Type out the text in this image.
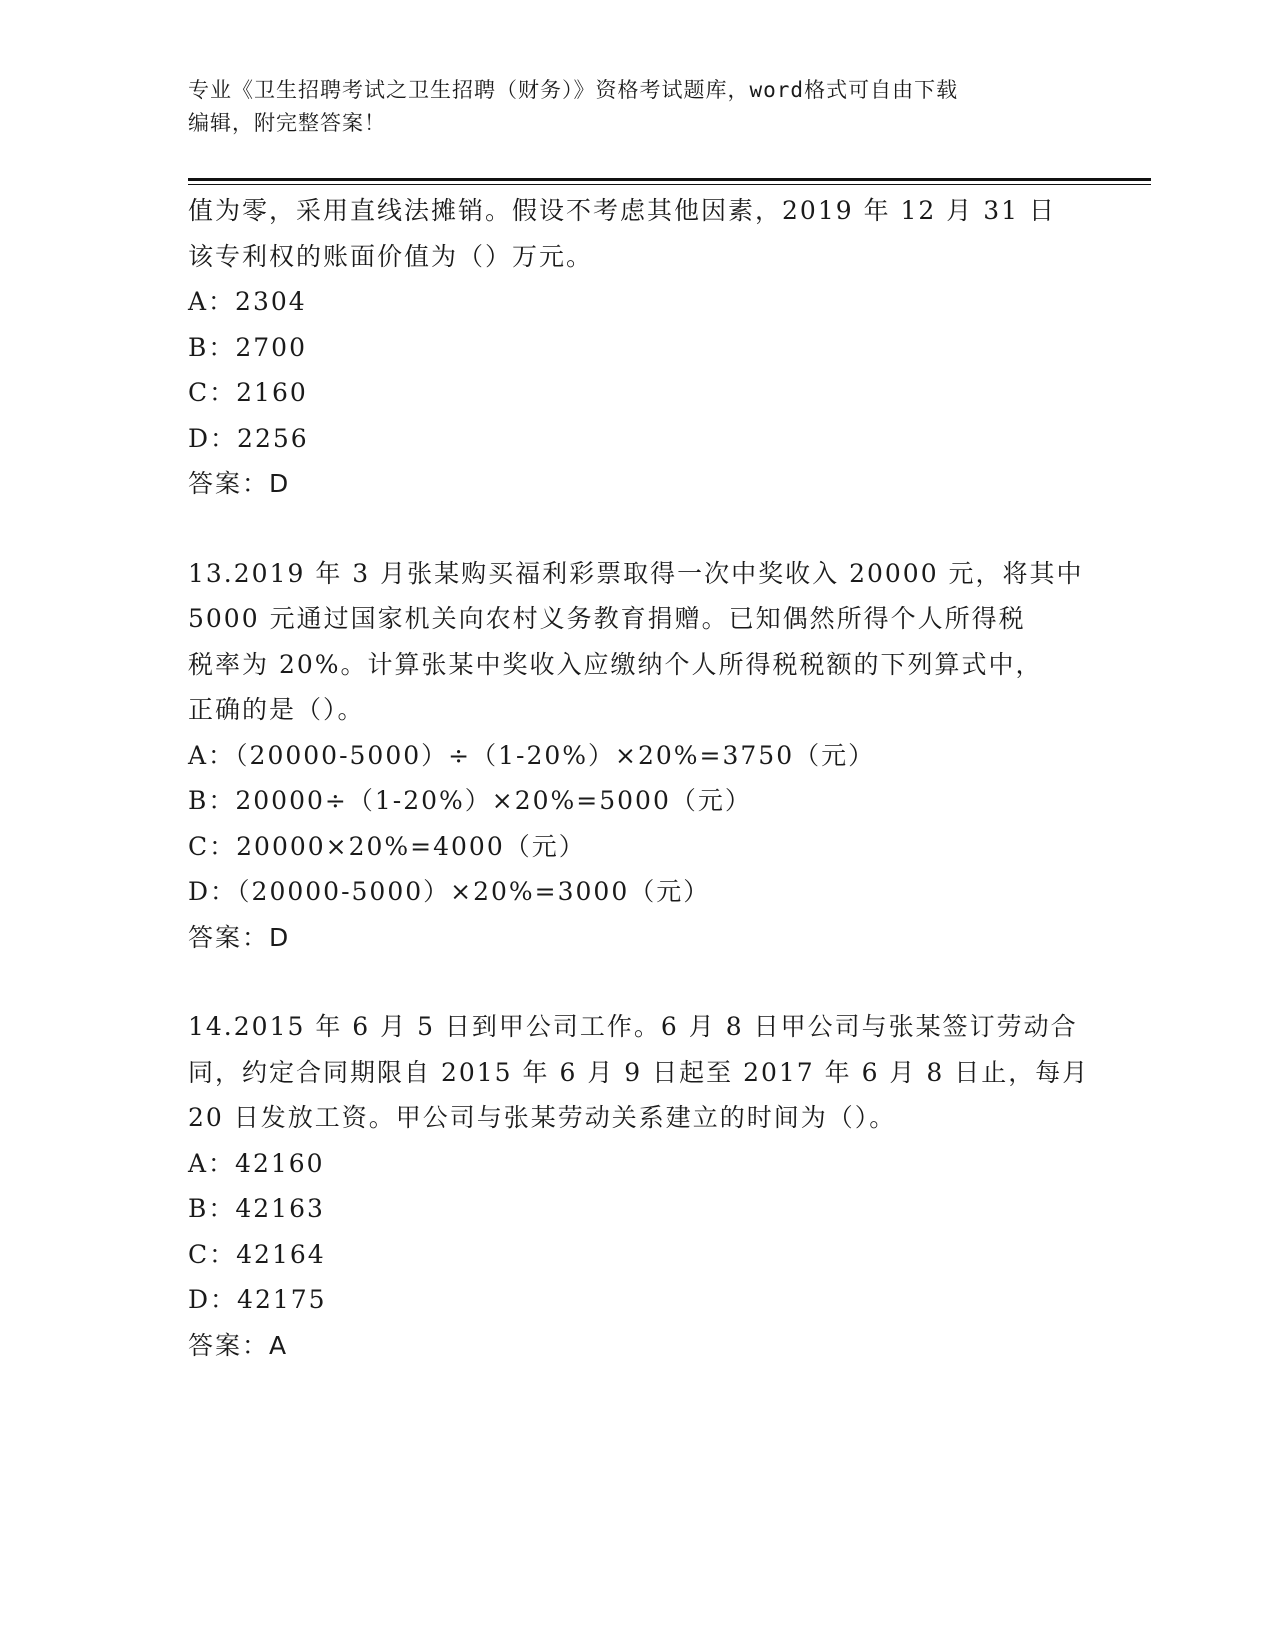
专业《卫生招聘考试之卫生招聘（财务）》资格考试题库，word格式可自由下载
编辑，附完整答案！
值为零，采用直线法摊销。假设不考虑其他因素，2019 年 12 月 31 日
该专利权的账面价值为（）万元。
A：2304
B：2700
C：2160
D：2256
答案：D
13.2019 年 3 月张某购买福利彩票取得一次中奖收入 20000 元，将其中
5000 元通过国家机关向农村义务教育捐赠。已知偶然所得个人所得税
税率为 20%。计算张某中奖收入应缴纳个人所得税税额的下列算式中，
正确的是（）。
A：（20000-5000）÷（1-20%）×20%=3750（元）
B：20000÷（1-20%）×20%=5000（元）
C：20000×20%=4000（元）
D：（20000-5000）×20%=3000（元）
答案：D
14.2015 年 6 月 5 日到甲公司工作。6 月 8 日甲公司与张某签订劳动合
同，约定合同期限自 2015 年 6 月 9 日起至 2017 年 6 月 8 日止，每月
20 日发放工资。甲公司与张某劳动关系建立的时间为（）。
A：42160
B：42163
C：42164
D：42175
答案：A
